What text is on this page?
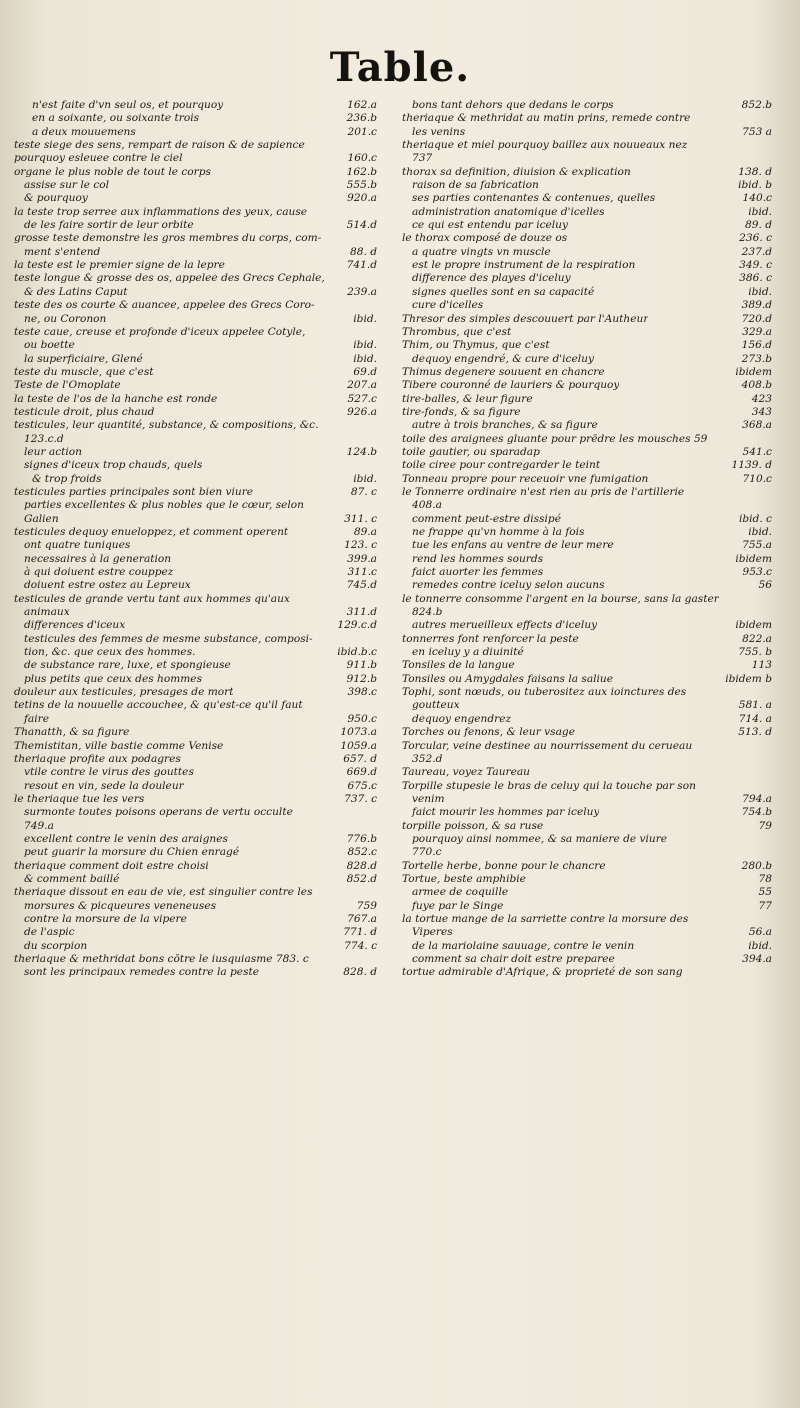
Table.
n'est faite d'vn seul os, et pourquoy	162.a
en a soixante, ou soixante trois	236.b
a deux mouuemens	201.c
teste siege des sens, rempart de raison & de sapience
pourquoy esleuee contre le ciel	160.c
organe le plus noble de tout le corps	162.b
assise sur le col	555.b
& pourquoy	920.a
la teste trop serree aux inflammations des yeux, cause
de les faire sortir de leur orbite	514.d
grosse teste demonstre les gros membres du corps, com-
ment s'entend	88. d
la teste est le premier signe de la lepre	741.d
teste longue & grosse des os, appelee des Grecs Cephale,
& des Latins Caput	239.a
teste des os courte & auancee, appelee des Grecs Coro-
ne, ou Coronon	ibid.
teste caue, creuse et profonde d'iceux appelee Cotyle,
ou boette	ibid.
la superficiaire, Glené	ibid.
teste du muscle, que c'est	69.d
Teste de l'Omoplate	207.a
la teste de l'os de la hanche est ronde	527.c
testicule droit, plus chaud	926.a
testicules, leur quantité, substance, & compositions, &c.
123.c.d
leur action	124.b
signes d'iceux trop chauds, quels
& trop froids	ibid.
testicules parties principales sont bien viure	87. c
parties excellentes & plus nobles que le cœur, selon
Galien	311. c
testicules dequoy enueloppez, et comment operent	89.a
ont quatre tuniques	123. c
necessaires à la generation	399.a
à qui doiuent estre couppez	311.c
doiuent estre ostez au Lepreux	745.d
testicules de grande vertu tant aux hommes qu'aux
animaux	311.d
differences d'iceux	129.c.d
testicules des femmes de mesme substance, composi-
tion, &c. que ceux des hommes.	ibid.b.c
de substance rare, luxe, et spongieuse	911.b
plus petits que ceux des hommes	912.b
douleur aux testicules, presages de mort	398.c
tetins de la nouuelle accouchee, & qu'est-ce qu'il faut
faire	950.c
Thanatth, & sa figure	1073.a
Themistitan, ville bastie comme Venise	1059.a
theriaque profite aux podagres	657. d
vtile contre le virus des gouttes	669.d
resout en vin, sede la douleur	675.c
le theriaque tue les vers	737. c
surmonte toutes poisons operans de vertu occulte
749.a
excellent contre le venin des araignes	776.b
peut guarir la morsure du Chien enragé	852.c
theriaque comment doit estre choisi	828.d
& comment baillé	852.d
theriaque dissout en eau de vie, est singulier contre les
morsures & picqueures veneneuses	759
contre la morsure de la vipere	767.a
de l'aspic	771. d
du scorpion	774. c
theriaque & methridat bons cōtre le iusquiasme 783. c
sont les principaux remedes contre la peste	828. d
bons tant dehors que dedans le corps	852.b
theriaque & methridat au matin prins, remede contre
les venins	753 a
theriaque et miel pourquoy baillez aux nouueaux nez
737
thorax sa definition, diuision & explication	138. d
raison de sa fabrication	ibid. b
ses parties contenantes & contenues, quelles	140.c
administration anatomique d'icelles	ibid.
ce qui est entendu par iceluy	89. d
le thorax composé de douze os	236. c
a quatre vingts vn muscle	237.d
est le propre instrument de la respiration	349. c
difference des playes d'iceluy	386. c
signes quelles sont en sa capacité	ibid.
cure d'icelles	389.d
Thresor des simples descouuert par l'Autheur	720.d
Thrombus, que c'est	329.a
Thim, ou Thymus, que c'est	156.d
dequoy engendré, & cure d'iceluy	273.b
Thimus degenere souuent en chancre	ibidem
Tibere couronné de lauriers & pourquoy	408.b
tire-balles, & leur figure	423
tire-fonds, & sa figure	343
autre à trois branches, & sa figure	368.a
toile des araignees gluante pour prēdre les mousches 59
toile gautier, ou sparadap	541.c
toile ciree pour contregarder le teint	1139. d
Tonneau propre pour receuoir vne fumigation	710.c
le Tonnerre ordinaire n'est rien au pris de l'artillerie
408.a
comment peut-estre dissipé	ibid. c
ne frappe qu'vn homme à la fois	ibid.
tue les enfans au ventre de leur mere	755.a
rend les hommes sourds	ibidem
faict auorter les femmes	953.c
remedes contre iceluy selon aucuns	56
le tonnerre consomme l'argent en la bourse, sans la gaster
824.b
autres merueilleux effects d'iceluy	ibidem
tonnerres font renforcer la peste	822.a
en iceluy y a diuinité	755. b
Tonsiles de la langue	113
Tonsiles ou Amygdales faisans la saliue	ibidem b
Tophi, sont nœuds, ou tuberositez aux ioinctures des
goutteux	581. a
dequoy engendrez	714. a
Torches ou fenons, & leur vsage	513. d
Torcular, veine destinee au nourrissement du cerueau
352.d
Taureau, voyez Taureau
Torpille stupesie le bras de celuy qui la touche par son
venim	794.a
faict mourir les hommes par iceluy	754.b
torpille poisson, & sa ruse	79
pourquoy ainsi nommee, & sa maniere de viure
770.c
Tortelle herbe, bonne pour le chancre	280.b
Tortue, beste amphibie	78
armee de coquille	55
fuye par le Singe	77
la tortue mange de la sarriette contre la morsure des
Viperes	56.a
de la mariolaine sauuage, contre le venin	ibid.
comment sa chair doit estre preparee	394.a
tortue admirable d'Afrique, & proprieté de son sang
